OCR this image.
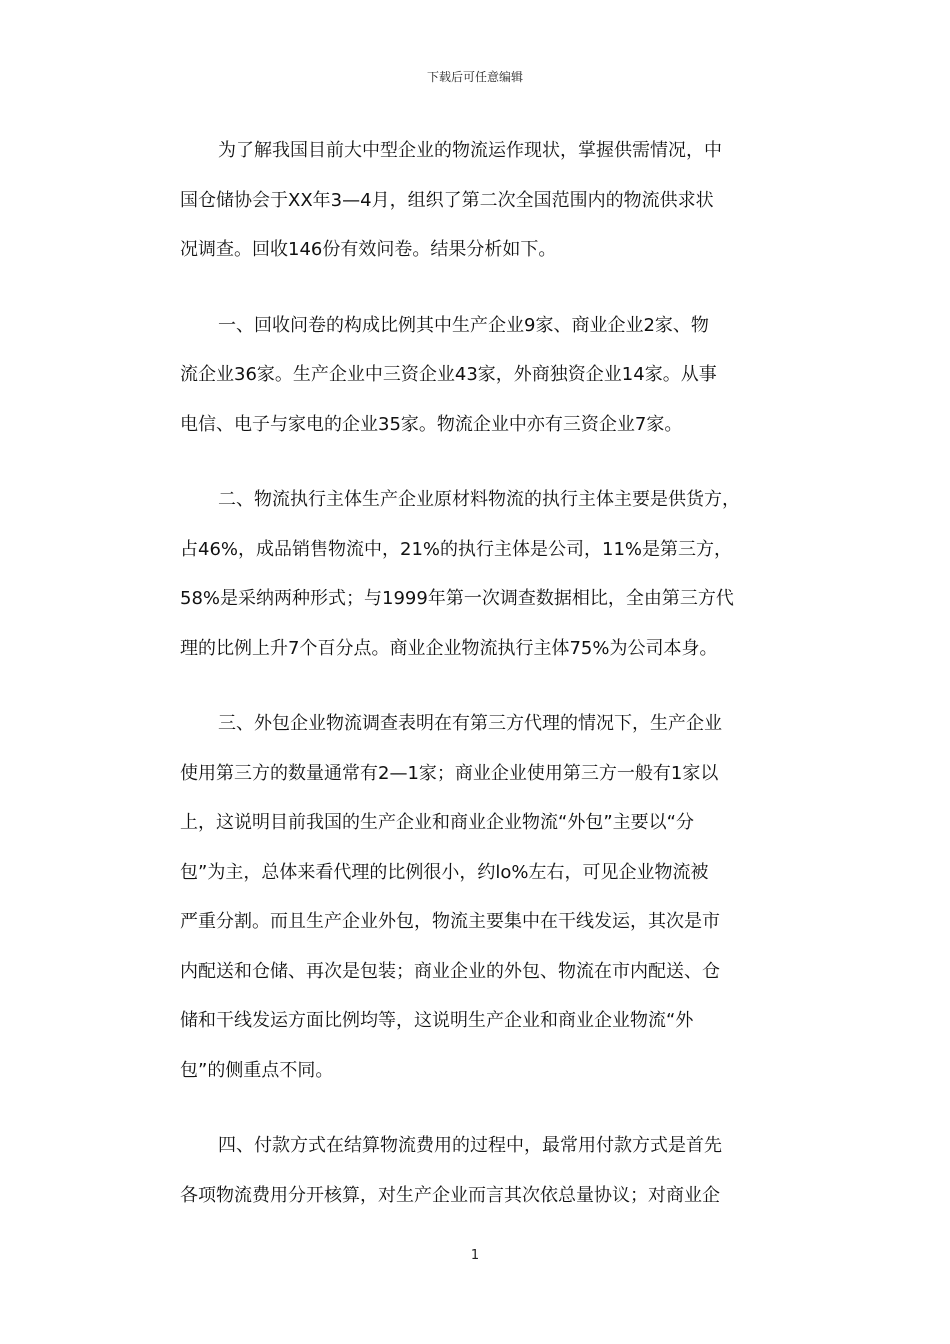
下载后可任意编辑
为了解我国目前大中型企业的物流运作现状，掌握供需情况，中
国仓储协会于XX年3—4月，组织了第二次全国范围内的物流供求状
况调查。回收146份有效问卷。结果分析如下。
一、回收问卷的构成比例其中生产企业9家、商业企业2家、物
流企业36家。生产企业中三资企业43家，外商独资企业14家。从事
电信、电子与家电的企业35家。物流企业中亦有三资企业7家。
二、物流执行主体生产企业原材料物流的执行主体主要是供货方，
占46%，成品销售物流中，21%的执行主体是公司，11%是第三方，
58%是采纳两种形式；与1999年第一次调查数据相比，全由第三方代
理的比例上升7个百分点。商业企业物流执行主体75%为公司本身。
三、外包企业物流调查表明在有第三方代理的情况下，生产企业
使用第三方的数量通常有2—1家；商业企业使用第三方一般有1家以
上，这说明目前我国的生产企业和商业企业物流“外包”主要以“分
包”为主，总体来看代理的比例很小，约lo%左右，可见企业物流被
严重分割。而且生产企业外包，物流主要集中在干线发运，其次是市
内配送和仓储、再次是包装；商业企业的外包、物流在市内配送、仓
储和干线发运方面比例均等，这说明生产企业和商业企业物流“外
包”的侧重点不同。
四、付款方式在结算物流费用的过程中，最常用付款方式是首先
各项物流费用分开核算，对生产企业而言其次依总量协议；对商业企
1
